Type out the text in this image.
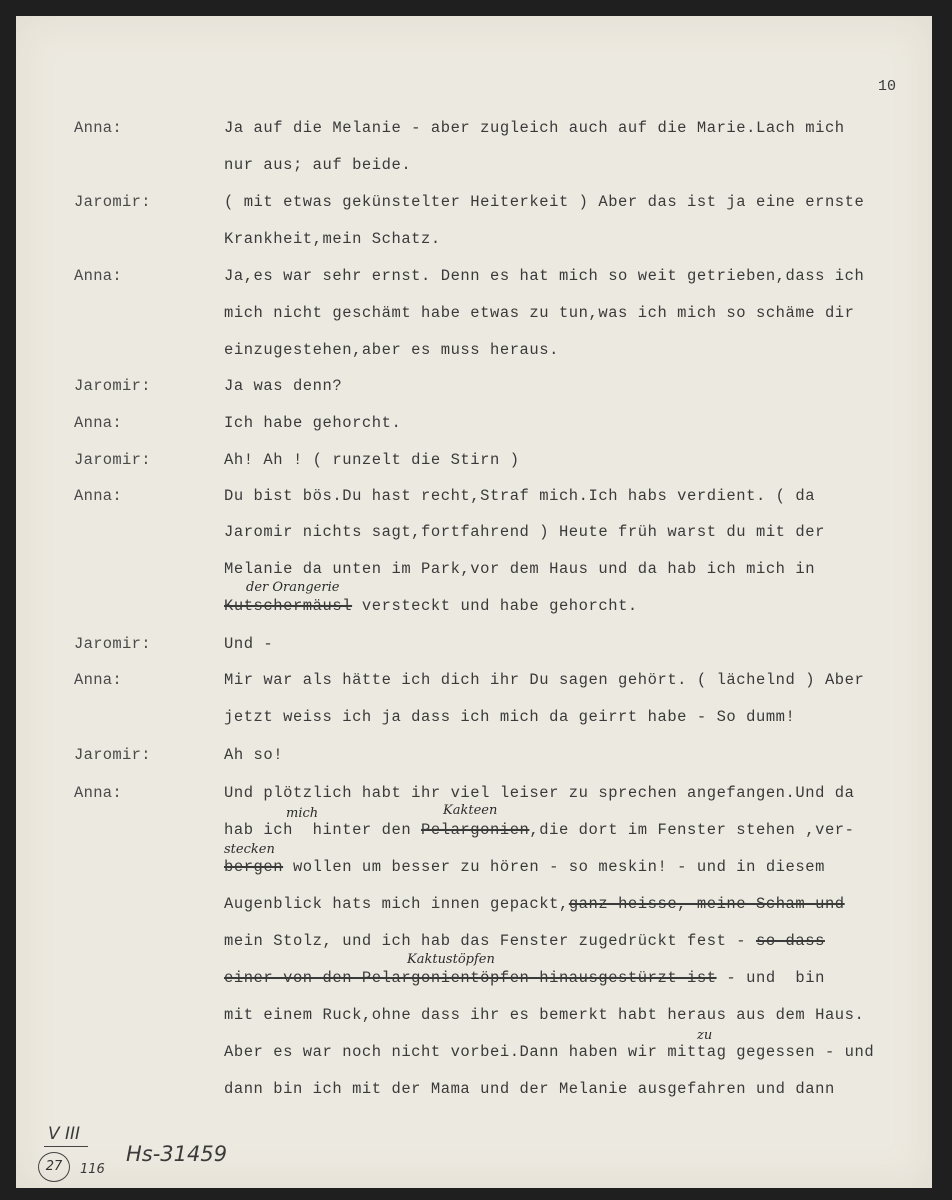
10
Anna:	Ja auf die Melanie - aber zugleich auch auf die Marie.Lach mich
nur aus; auf beide.
Jaromir:	( mit etwas gekünstelter Heiterkeit ) Aber das ist ja eine ernste
Krankheit,mein Schatz.
Anna:	Ja,es war sehr ernst. Denn es hat mich so weit getrieben,dass ich
mich nicht geschämt habe etwas zu tun,was ich mich so schäme dir
einzugestehen,aber es muss heraus.
Jaromir:	Ja was denn?
Anna:	Ich habe gehorcht.
Jaromir:	Ah! Ah ! ( runzelt die Stirn )
Anna:	Du bist bös.Du hast recht,Straf mich.Ich habs verdient. ( da
Jaromir nichts sagt,fortfahrend ) Heute früh warst du mit der
Melanie da unten im Park,vor dem Haus und da hab ich mich in
der Orangerie
Kutschermäusl versteckt und habe gehorcht.
Jaromir:	Und -
Anna:	Mir war als hätte ich dich ihr Du sagen gehört. ( lächelnd ) Aber
jetzt weiss ich ja dass ich mich da geirrt habe - So dumm!
Jaromir:	Ah so!
Anna:	Und plötzlich habt ihr viel leiser zu sprechen angefangen.Und da
mich	Kakteen
hab ich  hinter den Pelargonien,die dort im Fenster stehen ,ver-
stecken
bergen wollen um besser zu hören - so meskin! - und in diesem
Augenblick hats mich innen gepackt,ganz heisse, meine Scham und
mein Stolz, und ich hab das Fenster zugedrückt fest - so dass
Kaktustöpfen
einer von den Pelargonientöpfen hinausgestürzt ist - und  bin
mit einem Ruck,ohne dass ihr es bemerkt habt heraus aus dem Haus.
zu
Aber es war noch nicht vorbei.Dann haben wir mittag gegessen - und
dann bin ich mit der Mama und der Melanie ausgefahren und dann
V III
27	116
Hs-31459
